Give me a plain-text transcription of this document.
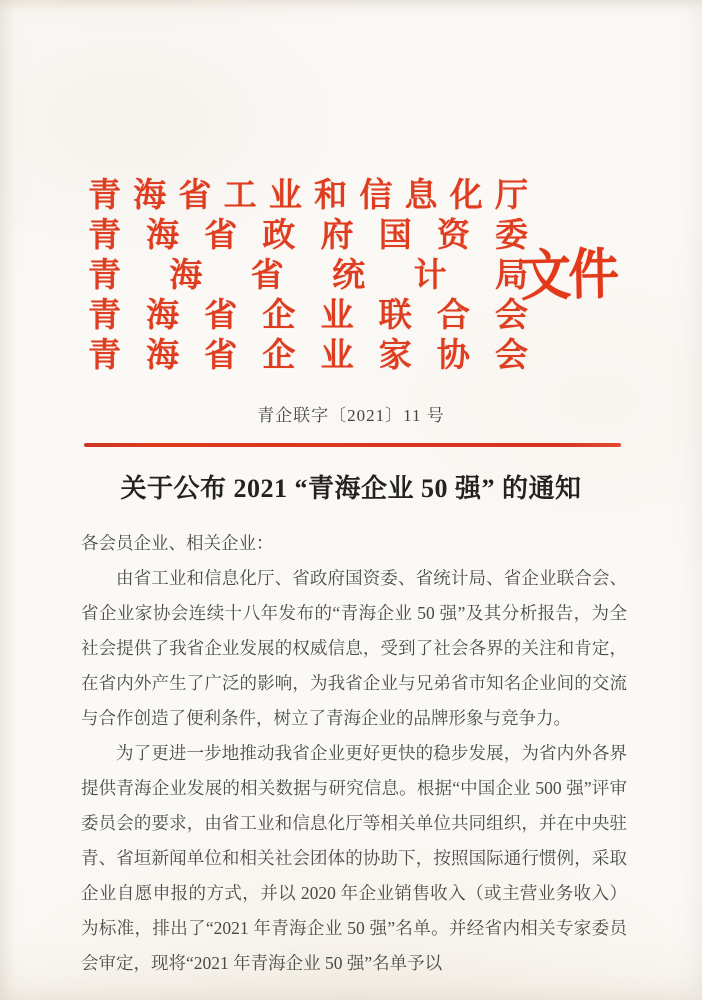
青 海 省 工 业 和 信 息 化 厅
青 海 省 政 府 国 资 委
青 海 省 统 计 局
青 海 省 企 业 联 合 会
青 海 省 企 业 家 协 会
文件
青企联字〔2021〕11 号
关于公布 2021 “青海企业 50 强” 的通知

各会员企业、相关企业：

由省工业和信息化厅、省政府国资委、省统计局、省企业联合会、省企业家协会连续十八年发布的“青海企业 50 强”及其分析报告，为全社会提供了我省企业发展的权威信息，受到了社会各界的关注和肯定，在省内外产生了广泛的影响，为我省企业与兄弟省市知名企业间的交流与合作创造了便利条件，树立了青海企业的品牌形象与竞争力。

为了更进一步地推动我省企业更好更快的稳步发展，为省内外各界提供青海企业发展的相关数据与研究信息。根据“中国企业 500 强”评审委员会的要求，由省工业和信息化厅等相关单位共同组织，并在中央驻青、省垣新闻单位和相关社会团体的协助下，按照国际通行惯例，采取企业自愿申报的方式，并以 2020 年企业销售收入（或主营业务收入）为标准，排出了“2021 年青海企业 50 强”名单。并经省内相关专家委员会审定，现将“2021 年青海企业 50 强”名单予以
